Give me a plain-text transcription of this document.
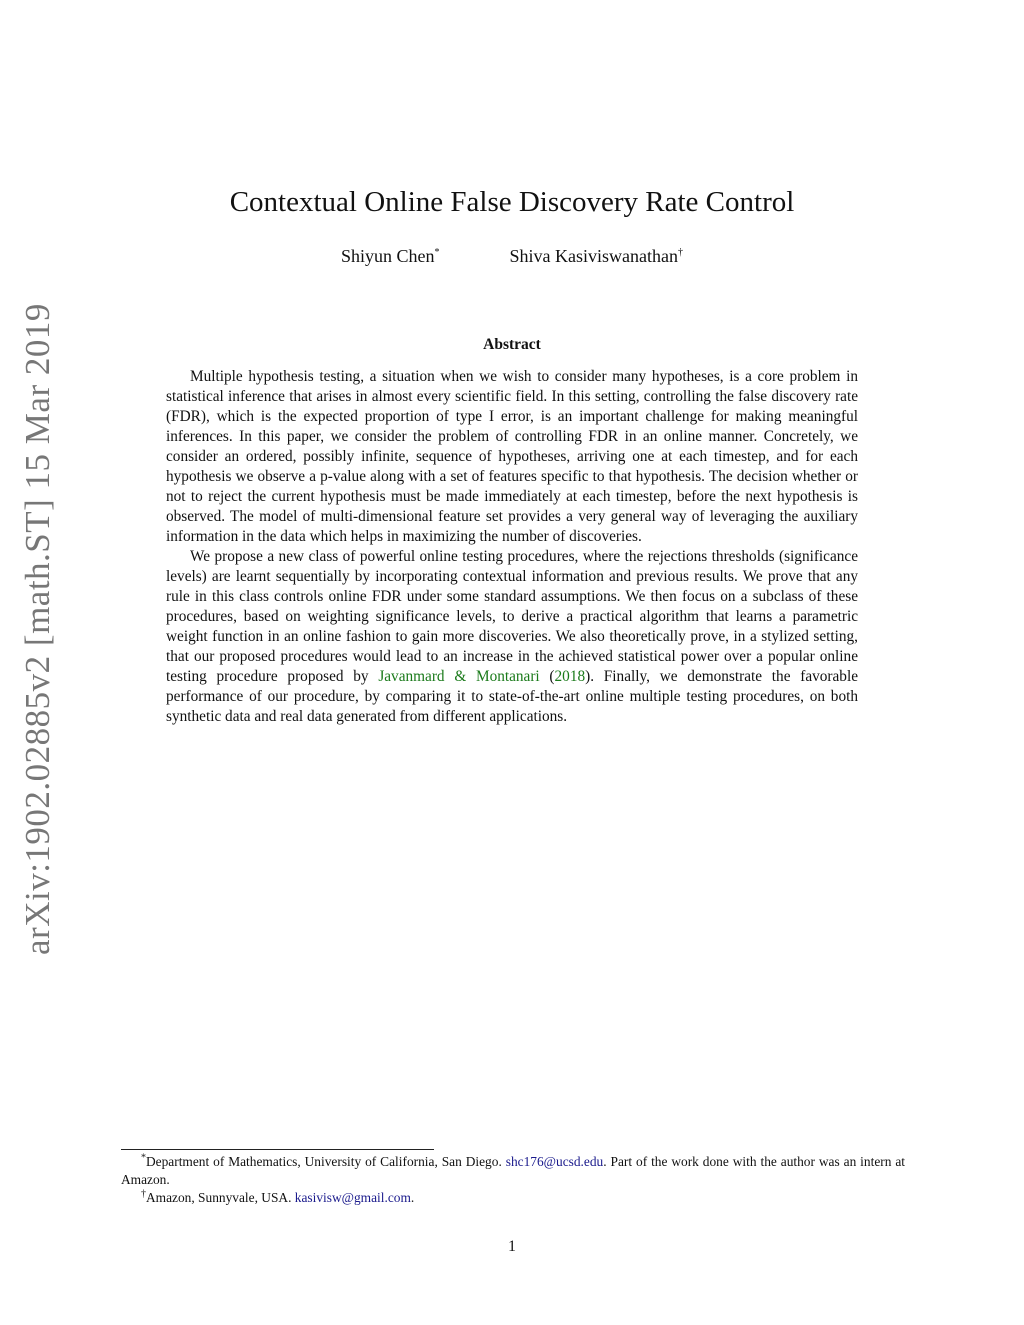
arXiv:1902.02885v2 [math.ST] 15 Mar 2019
Contextual Online False Discovery Rate Control
Shiyun Chen*	Shiva Kasiviswanathan†
Abstract

Multiple hypothesis testing, a situation when we wish to consider many hypotheses, is a core problem in statistical inference that arises in almost every scientific field. In this setting, controlling the false discovery rate (FDR), which is the expected proportion of type I error, is an important challenge for making meaningful inferences. In this paper, we consider the problem of controlling FDR in an online manner. Concretely, we consider an ordered, possibly infinite, sequence of hypotheses, arriving one at each timestep, and for each hypothesis we observe a p-value along with a set of features specific to that hypothesis. The decision whether or not to reject the current hypothesis must be made immediately at each timestep, before the next hypothesis is observed. The model of multi-dimensional feature set provides a very general way of leveraging the auxiliary information in the data which helps in maximizing the number of discoveries.

We propose a new class of powerful online testing procedures, where the rejections thresholds (significance levels) are learnt sequentially by incorporating contextual information and previous results. We prove that any rule in this class controls online FDR under some standard assumptions. We then focus on a subclass of these procedures, based on weighting significance levels, to derive a practical algorithm that learns a parametric weight function in an online fashion to gain more discoveries. We also theoretically prove, in a stylized setting, that our proposed procedures would lead to an increase in the achieved statistical power over a popular online testing procedure proposed by Javanmard & Montanari (2018). Finally, we demonstrate the favorable performance of our procedure, by comparing it to state-of-the-art online multiple testing procedures, on both synthetic data and real data generated from different applications.

*Department of Mathematics, University of California, San Diego. shc176@ucsd.edu. Part of the work done with the author was an intern at Amazon.

†Amazon, Sunnyvale, USA. kasivisw@gmail.com.

1
